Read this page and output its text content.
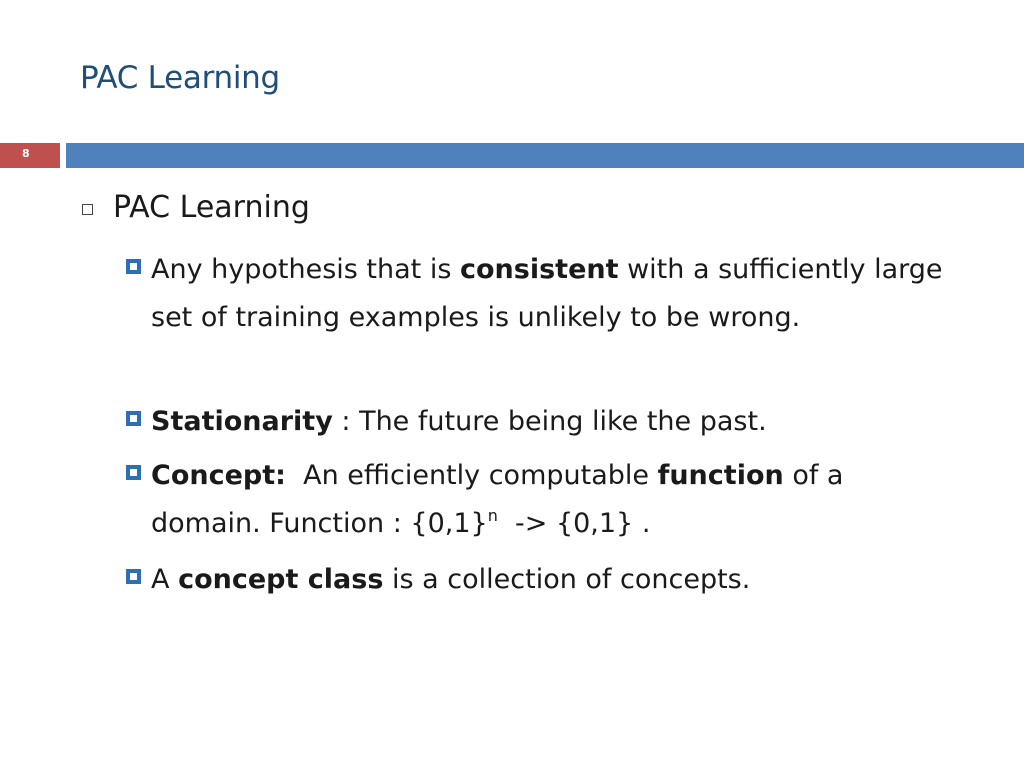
PAC Learning
8
PAC Learning
Any hypothesis that is consistent with a sufficiently large set of training examples is unlikely to be wrong.
Stationarity : The future being like the past.
Concept:  An efficiently computable function of a domain. Function : $\{0,1\}^n -> \{0,1\}$ .
A concept class is a collection of concepts.
